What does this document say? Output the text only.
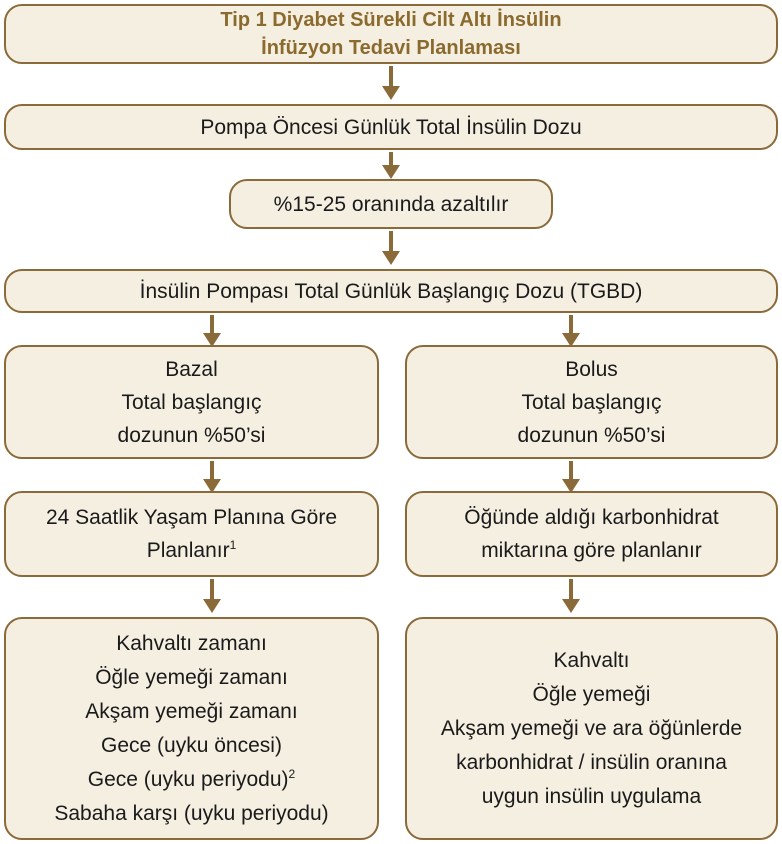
Tip 1 Diyabet Sürekli Cilt Altı İnsülin
İnfüzyon Tedavi Planlaması
Pompa Öncesi Günlük Total İnsülin Dozu
%15-25 oranında azaltılır
İnsülin Pompası Total Günlük Başlangıç Dozu (TGBD)
Bazal
Total başlangıç
dozunun %50’si
Bolus
Total başlangıç
dozunun %50’si
24 Saatlik Yaşam Planına Göre
Planlanır$^1$
Öğünde aldığı karbonhidrat
miktarına göre planlanır
Kahvaltı zamanı
Öğle yemeği zamanı
Akşam yemeği zamanı
Gece (uyku öncesi)
Gece (uyku periyodu)$^2$
Sabaha karşı (uyku periyodu)
Kahvaltı
Öğle yemeği
Akşam yemeği ve ara öğünlerde
karbonhidrat / insülin oranına
uygun insülin uygulama
